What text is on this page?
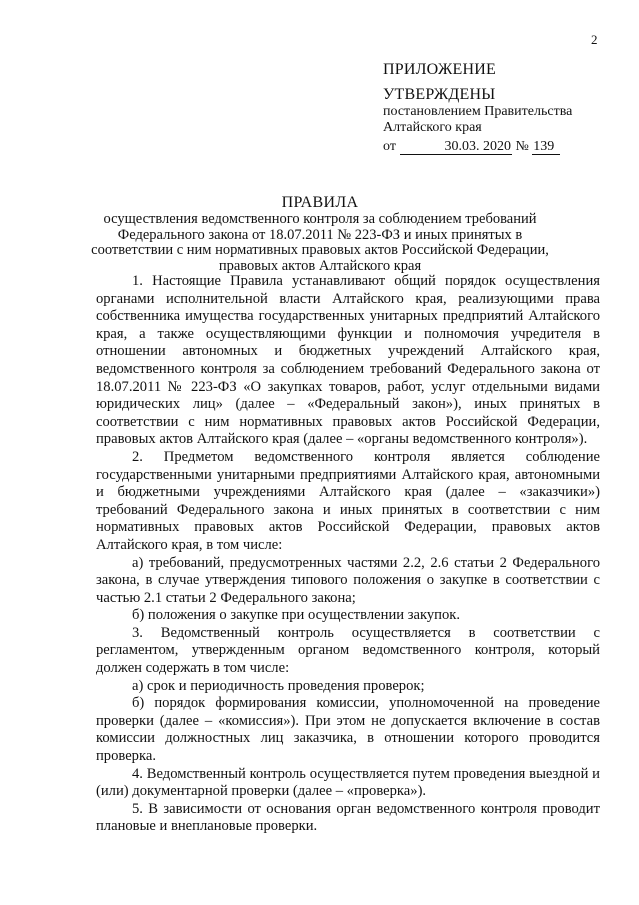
2
ПРИЛОЖЕНИЕ
УТВЕРЖДЕНЫ
постановлением Правительства
Алтайского края
от	30.03. 2020 № 139
ПРАВИЛА
осуществления ведомственного контроля за соблюдением требований Федерального закона от 18.07.2011 № 223-ФЗ и иных принятых в соответствии с ним нормативных правовых актов Российской Федерации, правовых актов Алтайского края

1. Настоящие Правила устанавливают общий порядок осуществления органами исполнительной власти Алтайского края, реализующими права собственника имущества государственных унитарных предприятий Алтайского края, а также осуществляющими функции и полномочия учредителя в отношении автономных и бюджетных учреждений Алтайского края, ведомственного контроля за соблюдением требований Федерального закона от 18.07.2011 № 223-ФЗ «О закупках товаров, работ, услуг отдельными видами юридических лиц» (далее – «Федеральный закон»), иных принятых в соответствии с ним нормативных правовых актов Российской Федерации, правовых актов Алтайского края (далее – «органы ведомственного контроля»).

2. Предметом ведомственного контроля является соблюдение государственными унитарными предприятиями Алтайского края, автономными и бюджетными учреждениями Алтайского края (далее – «заказчики») требований Федерального закона и иных принятых в соответствии с ним нормативных правовых актов Российской Федерации, правовых актов Алтайского края, в том числе:

а) требований, предусмотренных частями 2.2, 2.6 статьи 2 Федерального закона, в случае утверждения типового положения о закупке в соответствии с частью 2.1 статьи 2 Федерального закона;

б) положения о закупке при осуществлении закупок.

3. Ведомственный контроль осуществляется в соответствии с регламентом, утвержденным органом ведомственного контроля, который должен содержать в том числе:

а) срок и периодичность проведения проверок;

б) порядок формирования комиссии, уполномоченной на проведение проверки (далее – «комиссия»). При этом не допускается включение в состав комиссии должностных лиц заказчика, в отношении которого проводится проверка.

4. Ведомственный контроль осуществляется путем проведения выездной и (или) документарной проверки (далее – «проверка»).

5. В зависимости от основания орган ведомственного контроля проводит плановые и внеплановые проверки.
